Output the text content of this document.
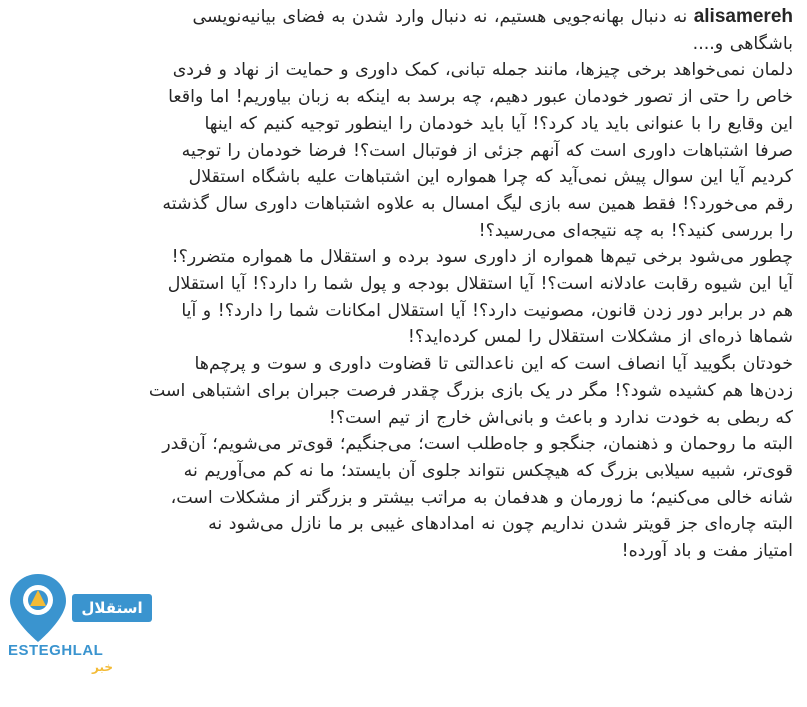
alisamereh نه دنبال بهانه‌جویی هستیم، نه دنبال وارد شدن به فضای بیانیه‌نویسی
باشگاهی و....
دلمان نمی‌خواهد برخی چیزها، مانند جمله تبانی، کمک داوری و حمایت از نهاد و فردی
خاص را حتی از تصور خودمان عبور دهیم، چه برسد به اینکه به زبان بیاوریم! اما واقعا
این وقایع را با عنوانی باید یاد کرد؟! آیا باید خودمان را اینطور توجیه کنیم که اینها
صرفا اشتباهات داوری است که آنهم جزئی از فوتبال است؟! فرضا خودمان را توجیه
کردیم آیا این سوال پیش نمی‌آید که چرا همواره این اشتباهات علیه باشگاه استقلال
رقم می‌خورد؟! فقط همین سه بازی لیگ امسال به علاوه اشتباهات داوری سال گذشته
را بررسی کنید؟! به چه نتیجه‌ای می‌رسید؟!
چطور می‌شود برخی تیم‌ها همواره از داوری سود برده و استقلال ما همواره متضرر؟!
آیا این شیوه رقابت عادلانه است؟! آیا استقلال بودجه و پول شما را دارد؟! آیا استقلال
هم در برابر دور زدن قانون، مصونیت دارد؟! آیا استقلال امکانات شما را دارد؟! و آیا
شماها ذره‌ای از مشکلات استقلال را لمس کرده‌اید؟!
خودتان بگویید آیا انصاف است که این ناعدالتی تا قضاوت داوری و سوت و پرچم‌ها
زدن‌ها هم کشیده شود؟! مگر در یک بازی بزرگ چقدر فرصت جبران برای اشتباهی است
که ربطی به خودت ندارد و باعث و بانی‌اش خارج از تیم است؟!
البته ما روحمان و ذهنمان، جنگجو و جاه‌طلب است؛ می‌جنگیم؛ قوی‌تر می‌شویم؛ آن‌قدر
قوی‌تر، شبیه سیلابی بزرگ که هیچکس نتواند جلوی آن بایستد؛ ما نه کم می‌آوریم نه
شانه خالی می‌کنیم؛ ما زورمان و هدفمان به مراتب بیشتر و بزرگتر از مشکلات است،
البته چاره‌ای جز قویتر شدن نداریم چون نه امدادهای غیبی بر ما نازل می‌شود نه
امتیاز مفت و باد آورده!
استقلال
ESTEGHLAL
خبر
